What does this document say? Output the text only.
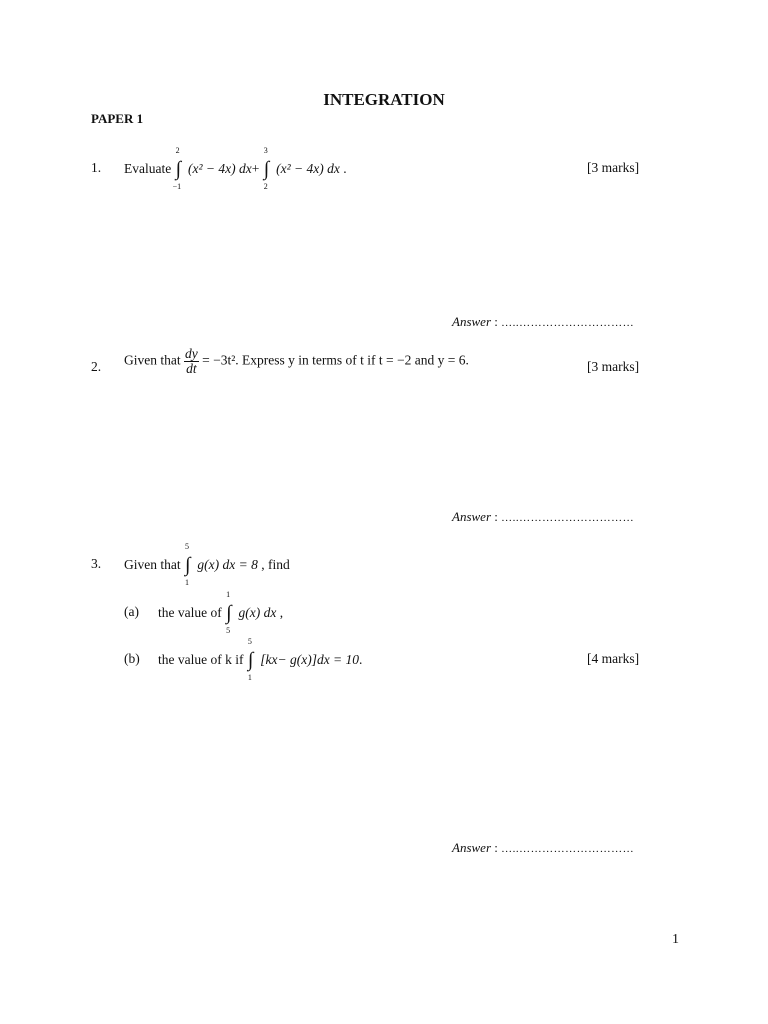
INTEGRATION
PAPER 1
1. Evaluate ∫
2
−1
(x² − 4x) dx+ ∫
3
2
(x² − 4x) dx .	[3 marks]
Answer : …..…………………………
2. Given that $\frac{dy}{dt} = -3t^2$. Express y in terms of t if t = −2 and y = 6.	[3 marks]
Answer : …..…………………………
3. Given that ∫
5
1
g(x) dx = 8 , find
(a) the value of ∫
1
5
g(x) dx ,
(b) the value of k if ∫
5
1
[kx− g(x)]dx = 10.	[4 marks]
Answer : …..…………………………
1
